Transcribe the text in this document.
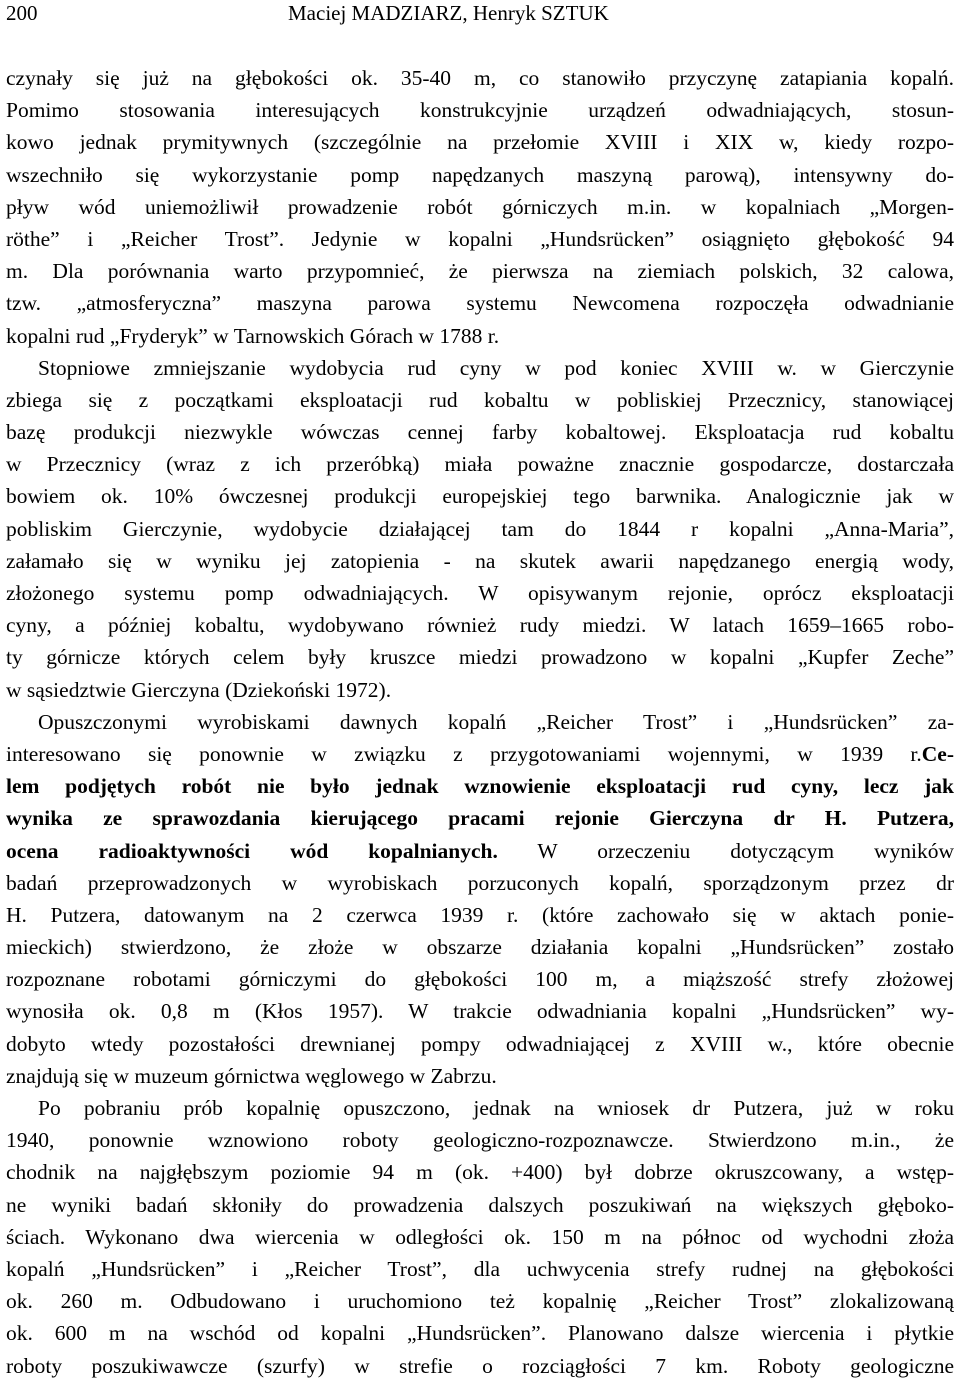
200	Maciej MADZIARZ, Henryk SZTUK
czynały się już na głębokości ok. 35-40 m, co stanowiło przyczynę zatapiania kopalń.
Pomimo stosowania interesujących konstrukcyjnie urządzeń odwadniających, stosun-
kowo jednak prymitywnych (szczególnie na przełomie XVIII i XIX w, kiedy rozpo-
wszechniło się wykorzystanie pomp napędzanych maszyną parową), intensywny do-
pływ wód uniemożliwił prowadzenie robót górniczych m.in. w kopalniach „Morgen-
röthe” i „Reicher Trost”. Jedynie w kopalni „Hundsrücken” osiągnięto głębokość 94
m. Dla porównania warto przypomnieć, że pierwsza na ziemiach polskich, 32 calowa,
tzw. „atmosferyczna” maszyna parowa systemu Newcomena rozpoczęła odwadnianie
kopalni rud „Fryderyk” w Tarnowskich Górach w 1788 r.
Stopniowe zmniejszanie wydobycia rud cyny w pod koniec XVIII w. w Gierczynie
zbiega się z początkami eksploatacji rud kobaltu w pobliskiej Przecznicy, stanowiącej
bazę produkcji niezwykle wówczas cennej farby kobaltowej. Eksploatacja rud kobaltu
w Przecznicy (wraz z ich przeróbką) miała poważne znacznie gospodarcze, dostarczała
bowiem ok. 10% ówczesnej produkcji europejskiej tego barwnika. Analogicznie jak w
pobliskim Gierczynie, wydobycie działającej tam do 1844 r kopalni „Anna-Maria”,
załamało się w wyniku jej zatopienia - na skutek awarii napędzanego energią wody,
złożonego systemu pomp odwadniających. W opisywanym rejonie, oprócz eksploatacji
cyny, a później kobaltu, wydobywano również rudy miedzi. W latach 1659–1665 robo-
ty górnicze których celem były kruszce miedzi prowadzono w kopalni „Kupfer Zeche”
w sąsiedztwie Gierczyna (Dziekoński 1972).
Opuszczonymi wyrobiskami dawnych kopalń „Reicher Trost” i „Hundsrücken” za-
interesowano się ponownie w związku z przygotowaniami wojennymi, w 1939 r.Ce-
lem podjętych robót nie było jednak wznowienie eksploatacji rud cyny, lecz jak
wynika ze sprawozdania kierującego pracami rejonie Gierczyna dr H. Putzera,
ocena radioaktywności wód kopalnianych. W orzeczeniu dotyczącym wyników
badań przeprowadzonych w wyrobiskach porzuconych kopalń, sporządzonym przez dr
H. Putzera, datowanym na 2 czerwca 1939 r. (które zachowało się w aktach ponie-
mieckich) stwierdzono, że złoże w obszarze działania kopalni „Hundsrücken” zostało
rozpoznane robotami górniczymi do głębokości 100 m, a miąższość strefy złożowej
wynosiła ok. 0,8 m (Kłos 1957). W trakcie odwadniania kopalni „Hundsrücken” wy-
dobyto wtedy pozostałości drewnianej pompy odwadniającej z XVIII w., które obecnie
znajdują się w muzeum górnictwa węglowego w Zabrzu.
Po pobraniu prób kopalnię opuszczono, jednak na wniosek dr Putzera, już w roku
1940, ponownie wznowiono roboty geologiczno-rozpoznawcze. Stwierdzono m.in., że
chodnik na najgłębszym poziomie 94 m (ok. +400) był dobrze okruszcowany, a wstęp-
ne wyniki badań skłoniły do prowadzenia dalszych poszukiwań na większych głęboko-
ściach. Wykonano dwa wiercenia w odległości ok. 150 m na północ od wychodni złoża
kopalń „Hundsrücken” i „Reicher Trost”, dla uchwycenia strefy rudnej na głębokości
ok. 260 m. Odbudowano i uruchomiono też kopalnię „Reicher Trost” zlokalizowaną
ok. 600 m na wschód od kopalni „Hundsrücken”. Planowano dalsze wiercenia i płytkie
roboty poszukiwawcze (szurfy) w strefie o rozciągłości 7 km. Roboty geologiczne
